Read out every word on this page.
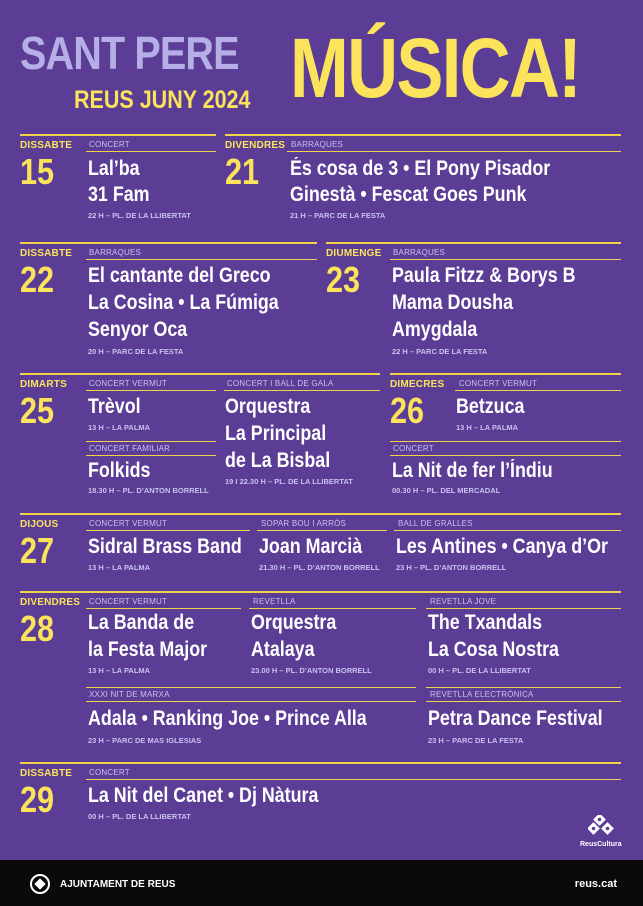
SANT PERE
REUS JUNY 2024 MÚSICA!
DISSABTE
15
CONCERT
Lal’ba
31 Fam
22 H – PL. DE LA LLIBERTAT
DIVENDRES
21
BARRAQUES
És cosa de 3 • El Pony Pisador
Ginestà • Fescat Goes Punk
21 H – PARC DE LA FESTA
DISSABTE
22
BARRAQUES
El cantante del Greco
La Cosina • La Fúmiga
Senyor Oca
20 H – PARC DE LA FESTA
DIUMENGE
23
BARRAQUES
Paula Fitzz & Borys B
Mama Dousha
Amygdala
22 H – PARC DE LA FESTA
DIMARTS
25
CONCERT VERMUT
Trèvol
13 H – LA PALMA
CONCERT I BALL DE GALA
Orquestra
La Principal
de La Bisbal
19 I 22.30 H – PL. DE LA LLIBERTAT
CONCERT FAMILIAR
Folkids
18.30 H – PL. D’ANTON BORRELL
DIMECRES
26
CONCERT VERMUT
Betzuca
13 H – LA PALMA
CONCERT
La Nit de fer l’Índiu
00.30 H – PL. DEL MERCADAL
DIJOUS
27
CONCERT VERMUT
Sidral Brass Band
13 H – LA PALMA
SOPAR BOU I ARRÒS
Joan Marcià
21.30 H – PL. D’ANTON BORRELL
BALL DE GRALLES
Les Antines • Canya d’Or
23 H – PL. D’ANTON BORRELL
DIVENDRES
28
CONCERT VERMUT
La Banda de
la Festa Major
13 H – LA PALMA
REVETLLA
Orquestra
Atalaya
23.00 H – PL. D’ANTON BORRELL
REVETLLA JOVE
The Txandals
La Cosa Nostra
00 H – PL. DE LA LLIBERTAT
XXXI NIT DE MARXA
Adala • Ranking Joe • Prince Alla
23 H – PARC DE MAS IGLESIAS
REVETLLA ELECTRÒNICA
Petra Dance Festival
23 H – PARC DE LA FESTA
DISSABTE
29
CONCERT
La Nit del Canet • Dj Nàtura
00 H – PL. DE LA LLIBERTAT
ReusCultura
AJUNTAMENT DE REUS	reus.cat
